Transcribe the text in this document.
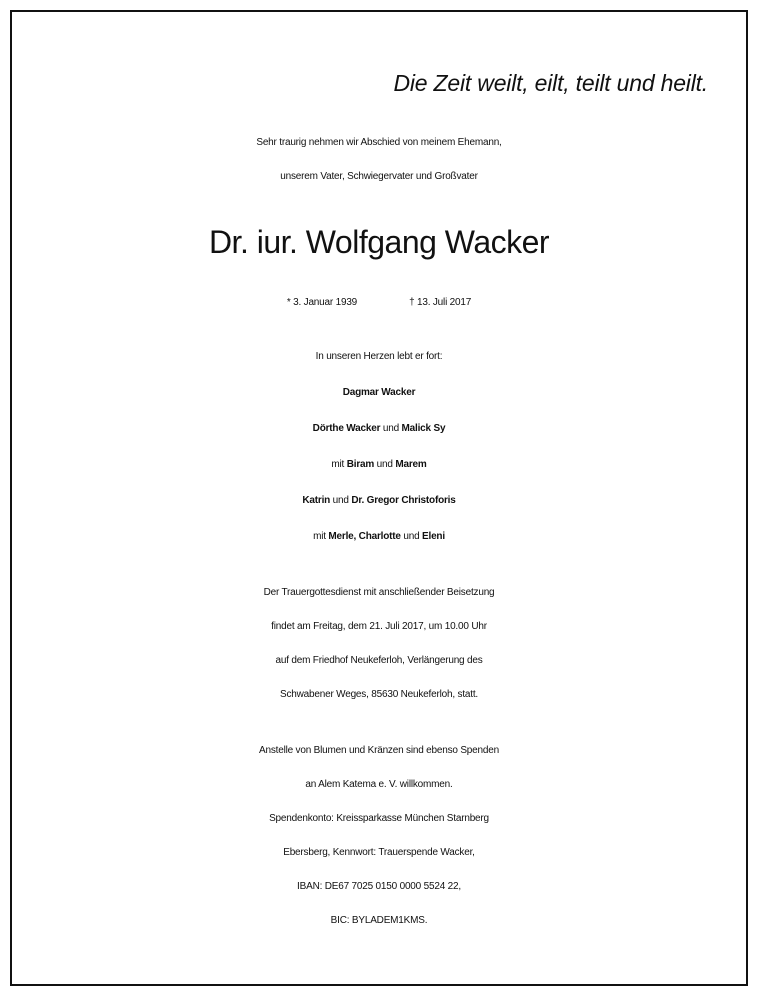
Die Zeit weilt, eilt, teilt und heilt.
Sehr traurig nehmen wir Abschied von meinem Ehemann,
unserem Vater, Schwiegervater und Großvater
Dr. iur. Wolfgang Wacker
* 3. Januar 1939	† 13. Juli 2017
In unseren Herzen lebt er fort:
Dagmar Wacker
Dörthe Wacker und Malick Sy
mit Biram und Marem
Katrin und Dr. Gregor Christoforis
mit Merle, Charlotte und Eleni
Der Trauergottesdienst mit anschließender Beisetzung
findet am Freitag, dem 21. Juli 2017, um 10.00 Uhr
auf dem Friedhof Neukeferloh, Verlängerung des
Schwabener Weges, 85630 Neukeferloh, statt.
Anstelle von Blumen und Kränzen sind ebenso Spenden
an Alem Katema e. V. willkommen.
Spendenkonto: Kreissparkasse München Starnberg
Ebersberg, Kennwort: Trauerspende Wacker,
IBAN: DE67 7025 0150 0000 5524 22,
BIC: BYLADEM1KMS.
